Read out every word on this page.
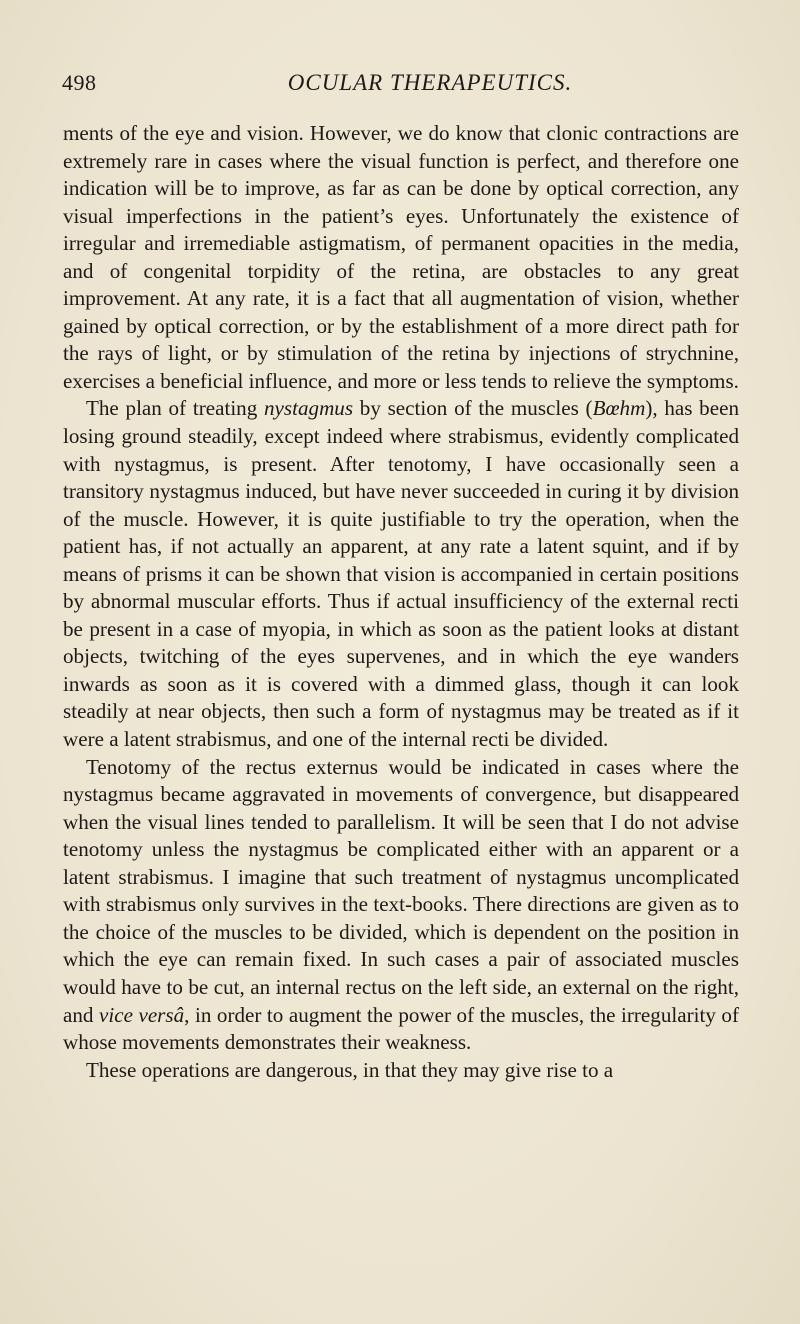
498	OCULAR THERAPEUTICS.

ments of the eye and vision. However, we do know that clonic contractions are extremely rare in cases where the visual function is perfect, and therefore one indication will be to improve, as far as can be done by optical correction, any visual imperfections in the patient’s eyes. Unfortunately the existence of irregular and irremediable astigmatism, of permanent opacities in the media, and of congenital torpidity of the retina, are obstacles to any great improvement. At any rate, it is a fact that all augmentation of vision, whether gained by optical correction, or by the establishment of a more direct path for the rays of light, or by stimulation of the retina by injections of strychnine, exercises a beneficial influence, and more or less tends to relieve the symptoms.

The plan of treating nystagmus by section of the muscles (Bœhm), has been losing ground steadily, except indeed where strabismus, evidently complicated with nystagmus, is present. After tenotomy, I have occasionally seen a transitory nystagmus induced, but have never succeeded in curing it by division of the muscle. However, it is quite justifiable to try the operation, when the patient has, if not actually an apparent, at any rate a latent squint, and if by means of prisms it can be shown that vision is accompanied in certain positions by abnormal muscular efforts. Thus if actual insufficiency of the external recti be present in a case of myopia, in which as soon as the patient looks at distant objects, twitching of the eyes supervenes, and in which the eye wanders inwards as soon as it is covered with a dimmed glass, though it can look steadily at near objects, then such a form of nystagmus may be treated as if it were a latent strabismus, and one of the internal recti be divided.

Tenotomy of the rectus externus would be indicated in cases where the nystagmus became aggravated in movements of convergence, but disappeared when the visual lines tended to parallelism. It will be seen that I do not advise tenotomy unless the nystagmus be complicated either with an apparent or a latent strabismus. I imagine that such treatment of nystagmus uncomplicated with strabismus only survives in the text-books. There directions are given as to the choice of the muscles to be divided, which is dependent on the position in which the eye can remain fixed. In such cases a pair of associated muscles would have to be cut, an internal rectus on the left side, an external on the right, and vice versâ, in order to augment the power of the muscles, the irregularity of whose movements demonstrates their weakness.

These operations are dangerous, in that they may give rise to a
